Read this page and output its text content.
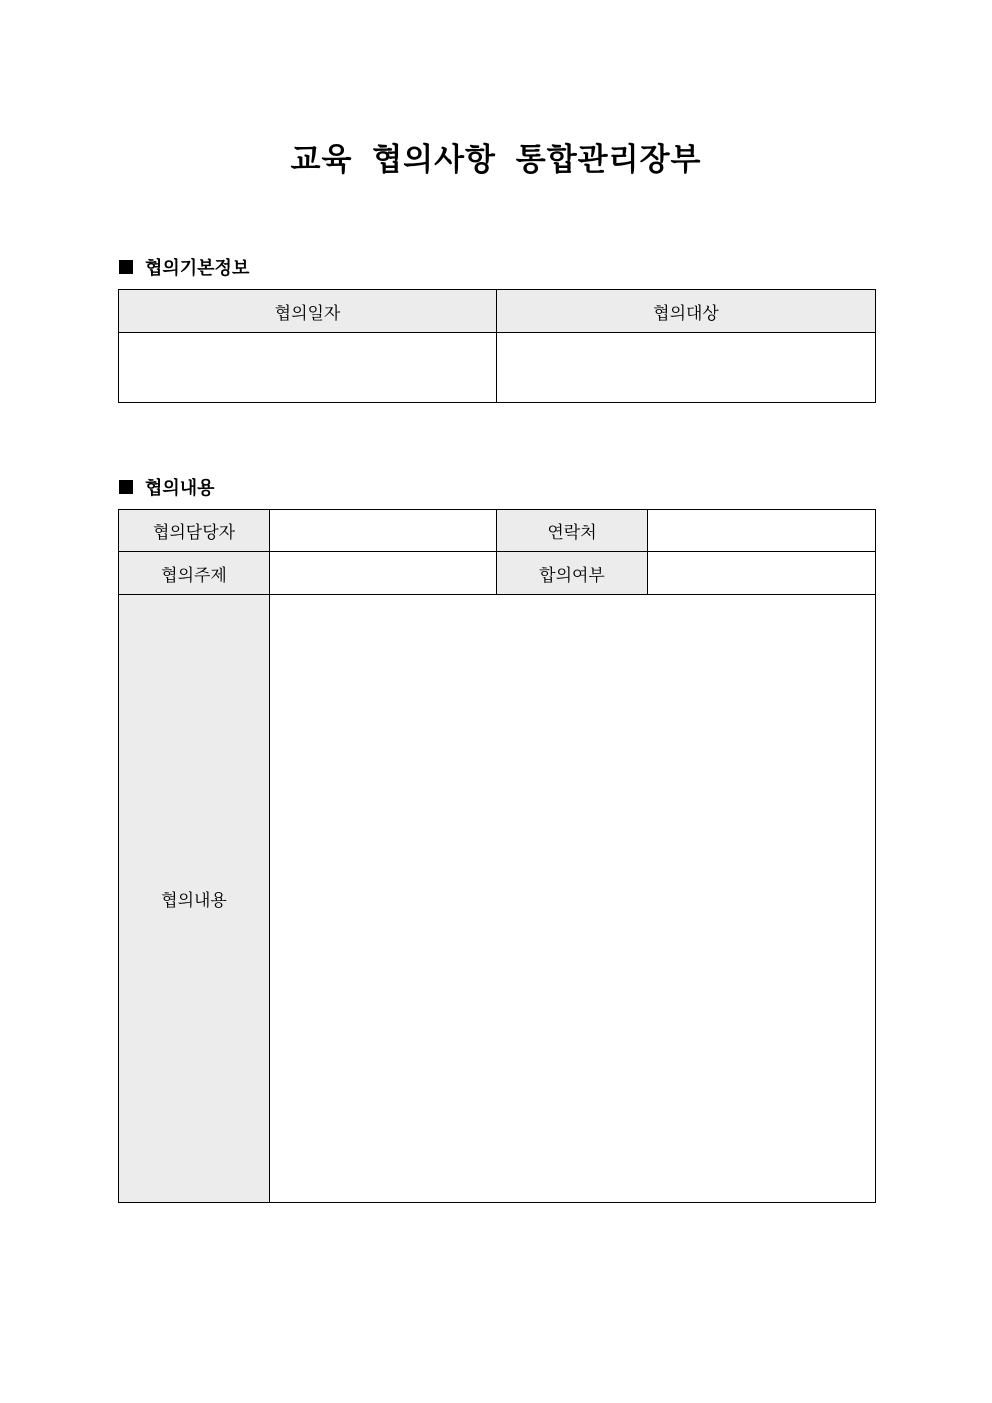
교육 협의사항 통합관리장부
협의기본정보
협의일자	협의대상

협의내용
협의담당자		연락처	
협의주제		합의여부	
협의내용			
